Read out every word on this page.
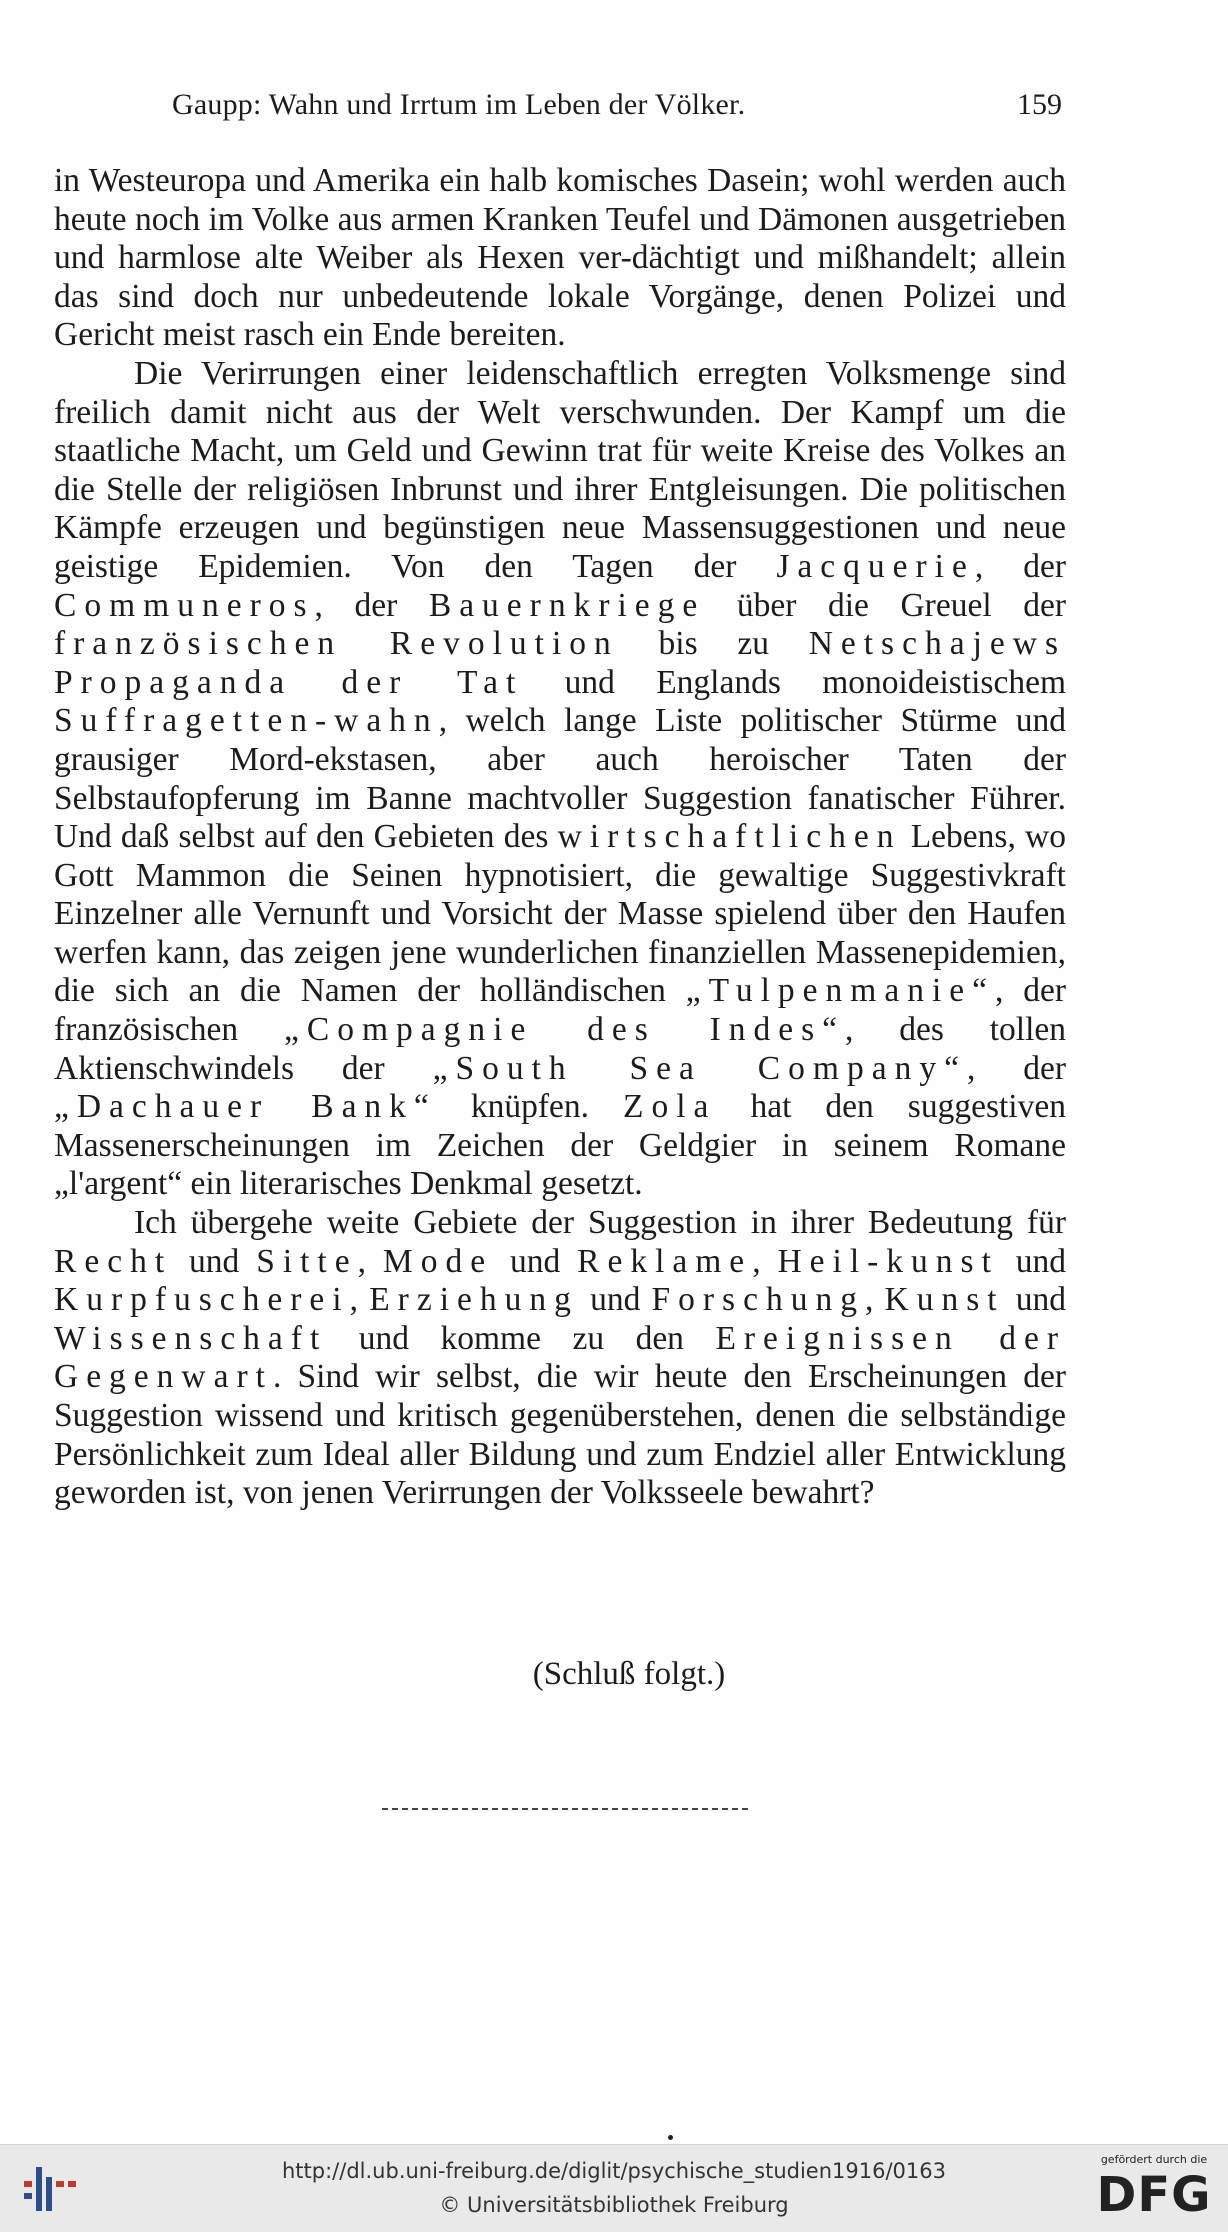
Gaupp: Wahn und Irrtum im Leben der Völker.	159

in Westeuropa und Amerika ein halb komisches Dasein; wohl werden auch heute noch im Volke aus armen Kranken Teufel und Dämonen ausgetrieben und harmlose alte Weiber als Hexen ver-dächtigt und mißhandelt; allein das sind doch nur unbedeutende lokale Vorgänge, denen Polizei und Gericht meist rasch ein Ende bereiten.

Die Verirrungen einer leidenschaftlich erregten Volksmenge sind freilich damit nicht aus der Welt verschwunden. Der Kampf um die staatliche Macht, um Geld und Gewinn trat für weite Kreise des Volkes an die Stelle der religiösen Inbrunst und ihrer Entgleisungen. Die politischen Kämpfe erzeugen und begünstigen neue Massensuggestionen und neue geistige Epidemien. Von den Tagen der Jacquerie, der Communeros, der Bauernkriege über die Greuel der französischen Revolution bis zu Netschajews Propaganda der Tat und Englands monoideistischem Suffragetten-wahn, welch lange Liste politischer Stürme und grausiger Mord-ekstasen, aber auch heroischer Taten der Selbstaufopferung im Banne machtvoller Suggestion fanatischer Führer. Und daß selbst auf den Gebieten des wirtschaftlichen Lebens, wo Gott Mammon die Seinen hypnotisiert, die gewaltige Suggestivkraft Einzelner alle Vernunft und Vorsicht der Masse spielend über den Haufen werfen kann, das zeigen jene wunderlichen finanziellen Massenepidemien, die sich an die Namen der holländischen „Tulpenmanie“, der französischen „Compagnie des Indes“, des tollen Aktienschwindels der „South Sea Company“, der „Dachauer Bank“ knüpfen. Zola hat den suggestiven Massenerscheinungen im Zeichen der Geldgier in seinem Romane „l'argent“ ein literarisches Denkmal gesetzt.

Ich übergehe weite Gebiete der Suggestion in ihrer Bedeutung für Recht und Sitte, Mode und Reklame, Heil-kunst und Kurpfuscherei, Erziehung und Forschung, Kunst und Wissenschaft und komme zu den Ereignissen der Gegenwart. Sind wir selbst, die wir heute den Erscheinungen der Suggestion wissend und kritisch gegenüberstehen, denen die selbständige Persönlichkeit zum Ideal aller Bildung und zum Endziel aller Entwicklung geworden ist, von jenen Verirrungen der Volksseele bewahrt?

(Schluß folgt.)
http://dl.ub.uni-freiburg.de/diglit/psychische_studien1916/0163
© Universitätsbibliothek Freiburg
gefördert durch die
DFG
